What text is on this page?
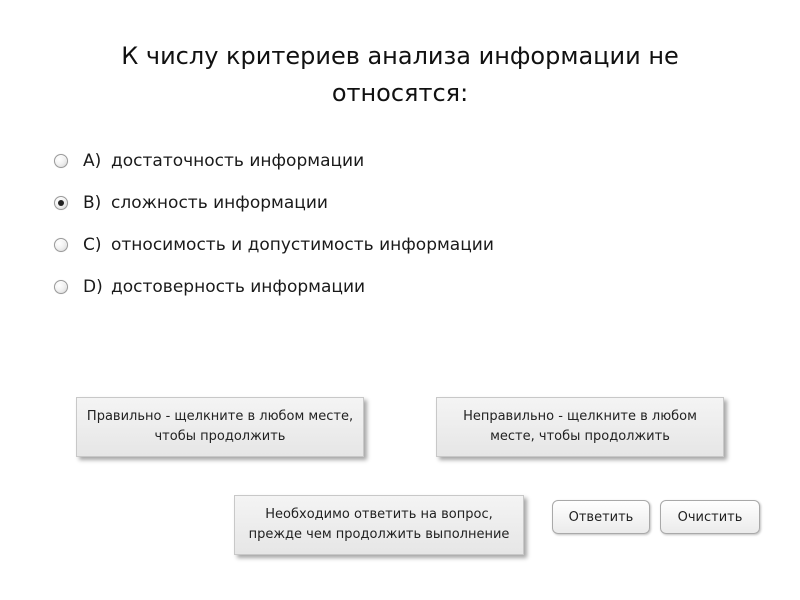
К числу критериев анализа информации не относятся:
A) достаточность информации
B) сложность информации
C) относимость и допустимость информации
D) достоверность информации
Правильно - щелкните в любом месте, чтобы продолжить
Неправильно - щелкните в любом месте, чтобы продолжить
Необходимо ответить на вопрос, прежде чем продолжить выполнение
Ответить	Очистить
